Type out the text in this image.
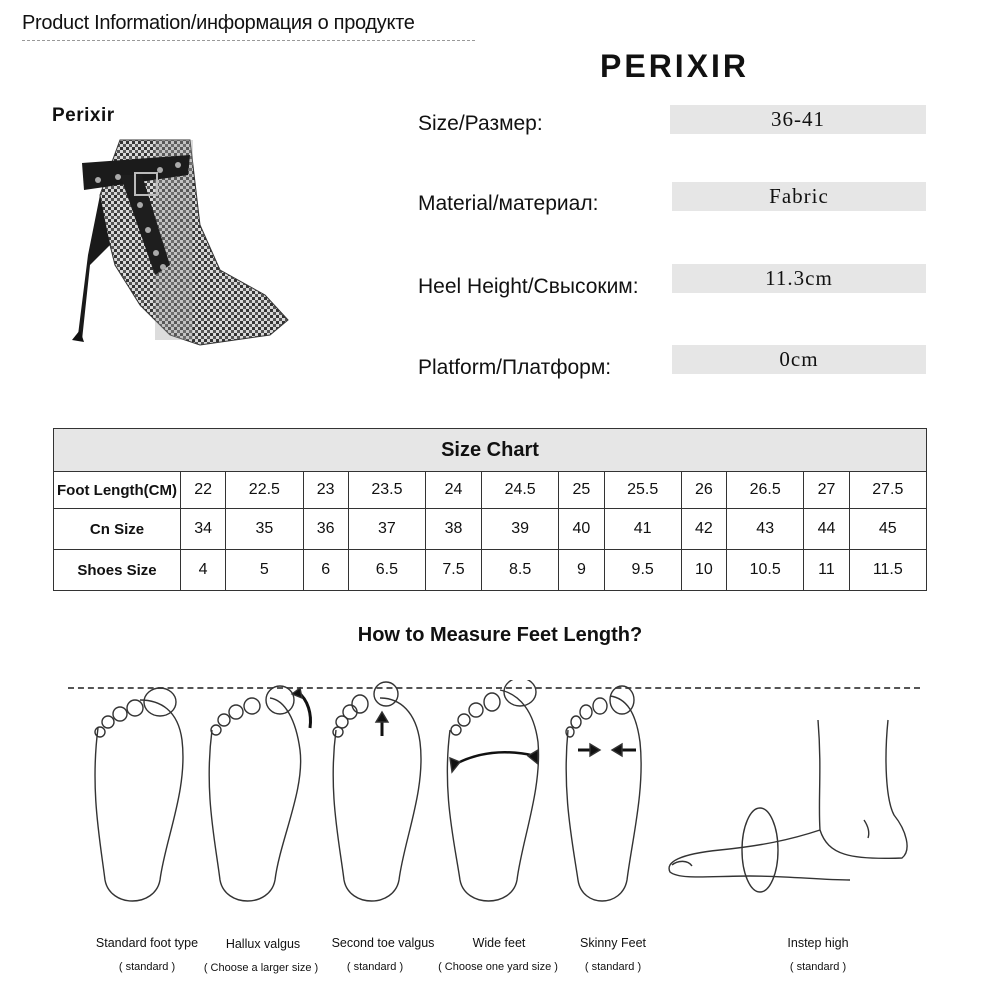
Product Information/информация о продукте
PERIXIR
Perixir	Size/Размер:	36-41
Material/материал:	Fabric
Heel Height/Свысоким:	11.3cm
Platform/Платформ:	0cm
Size Chart												
Foot Length(CM)	22	22.5	23	23.5	24	24.5	25	25.5	26	26.5	27	27.5
Cn Size	34	35	36	37	38	39	40	41	42	43	44	45
Shoes Size	4	5	6	6.5	7.5	8.5	9	9.5	10	10.5	11	11.5
How to Measure Feet Length?
Standard foot type
( standard )
Hallux valgus
( Choose a larger size )
Second toe valgus
( standard )
Wide feet
( Choose one yard size )
Skinny Feet
( standard )
Instep high
( standard )
